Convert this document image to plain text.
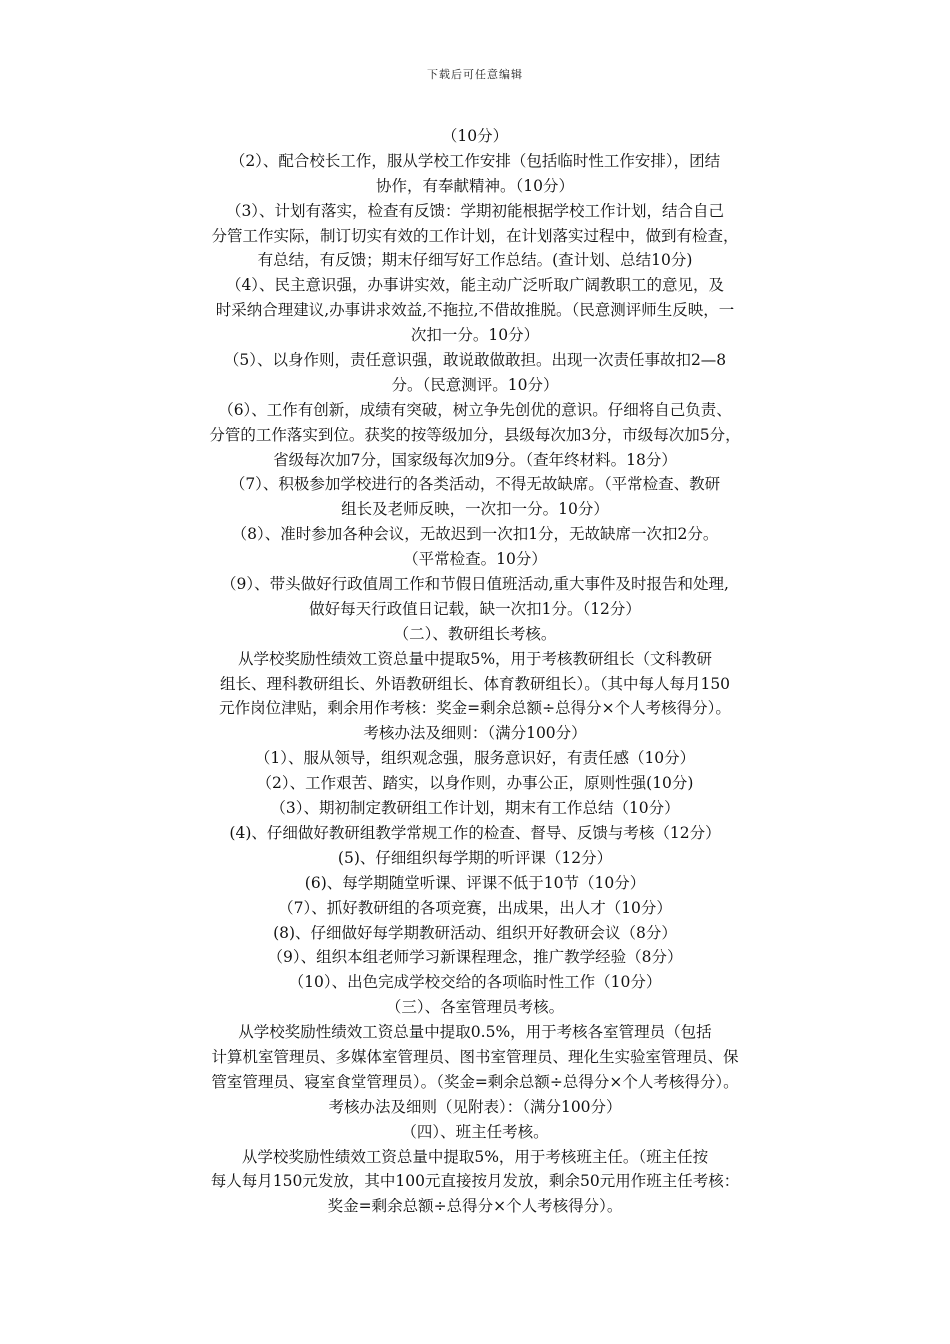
下载后可任意编辑
（10分）
（2）、配合校长工作，服从学校工作安排（包括临时性工作安排），团结
协作，有奉献精神。（10分）
（3）、计划有落实，检查有反馈：学期初能根据学校工作计划，结合自己
分管工作实际，制订切实有效的工作计划，在计划落实过程中，做到有检查，
有总结，有反馈；期末仔细写好工作总结。(查计划、总结10分)
（4）、民主意识强，办事讲实效，能主动广泛听取广阔教职工的意见，及
时采纳合理建议,办事讲求效益,不拖拉,不借故推脱。（民意测评师生反映，一
次扣一分。10分）
（5）、以身作则，责任意识强，敢说敢做敢担。出现一次责任事故扣2—8
分。（民意测评。10分）
（6）、工作有创新，成绩有突破，树立争先创优的意识。仔细将自己负责、
分管的工作落实到位。获奖的按等级加分，县级每次加3分，市级每次加5分，
省级每次加7分，国家级每次加9分。（查年终材料。18分）
（7）、积极参加学校进行的各类活动，不得无故缺席。（平常检查、教研
组长及老师反映，一次扣一分。10分）
（8）、准时参加各种会议，无故迟到一次扣1分，无故缺席一次扣2分。
（平常检查。10分）
（9）、带头做好行政值周工作和节假日值班活动,重大事件及时报告和处理,
做好每天行政值日记载，缺一次扣1分。（12分）
（二）、教研组长考核。
从学校奖励性绩效工资总量中提取5%，用于考核教研组长（文科教研
组长、理科教研组长、外语教研组长、体育教研组长）。（其中每人每月150
元作岗位津贴，剩余用作考核：奖金=剩余总额÷总得分×个人考核得分）。
考核办法及细则：（满分100分）
（1）、服从领导，组织观念强，服务意识好，有责任感（10分）
（2）、工作艰苦、踏实，以身作则，办事公正，原则性强(10分)
（3）、期初制定教研组工作计划，期末有工作总结（10分）
(4)、仔细做好教研组教学常规工作的检查、督导、反馈与考核（12分）
(5)、仔细组织每学期的听评课（12分）
(6)、每学期随堂听课、评课不低于10节（10分）
（7）、抓好教研组的各项竞赛，出成果，出人才（10分）
(8)、仔细做好每学期教研活动、组织开好教研会议（8分）
（9）、组织本组老师学习新课程理念，推广教学经验（8分）
（10）、出色完成学校交给的各项临时性工作（10分）
（三）、各室管理员考核。
从学校奖励性绩效工资总量中提取0.5%，用于考核各室管理员（包括
计算机室管理员、多媒体室管理员、图书室管理员、理化生实验室管理员、保
管室管理员、寝室食堂管理员）。（奖金=剩余总额÷总得分×个人考核得分）。
考核办法及细则（见附表）：（满分100分）
（四）、班主任考核。
从学校奖励性绩效工资总量中提取5%，用于考核班主任。（班主任按
每人每月150元发放，其中100元直接按月发放，剩余50元用作班主任考核：
奖金=剩余总额÷总得分×个人考核得分）。
